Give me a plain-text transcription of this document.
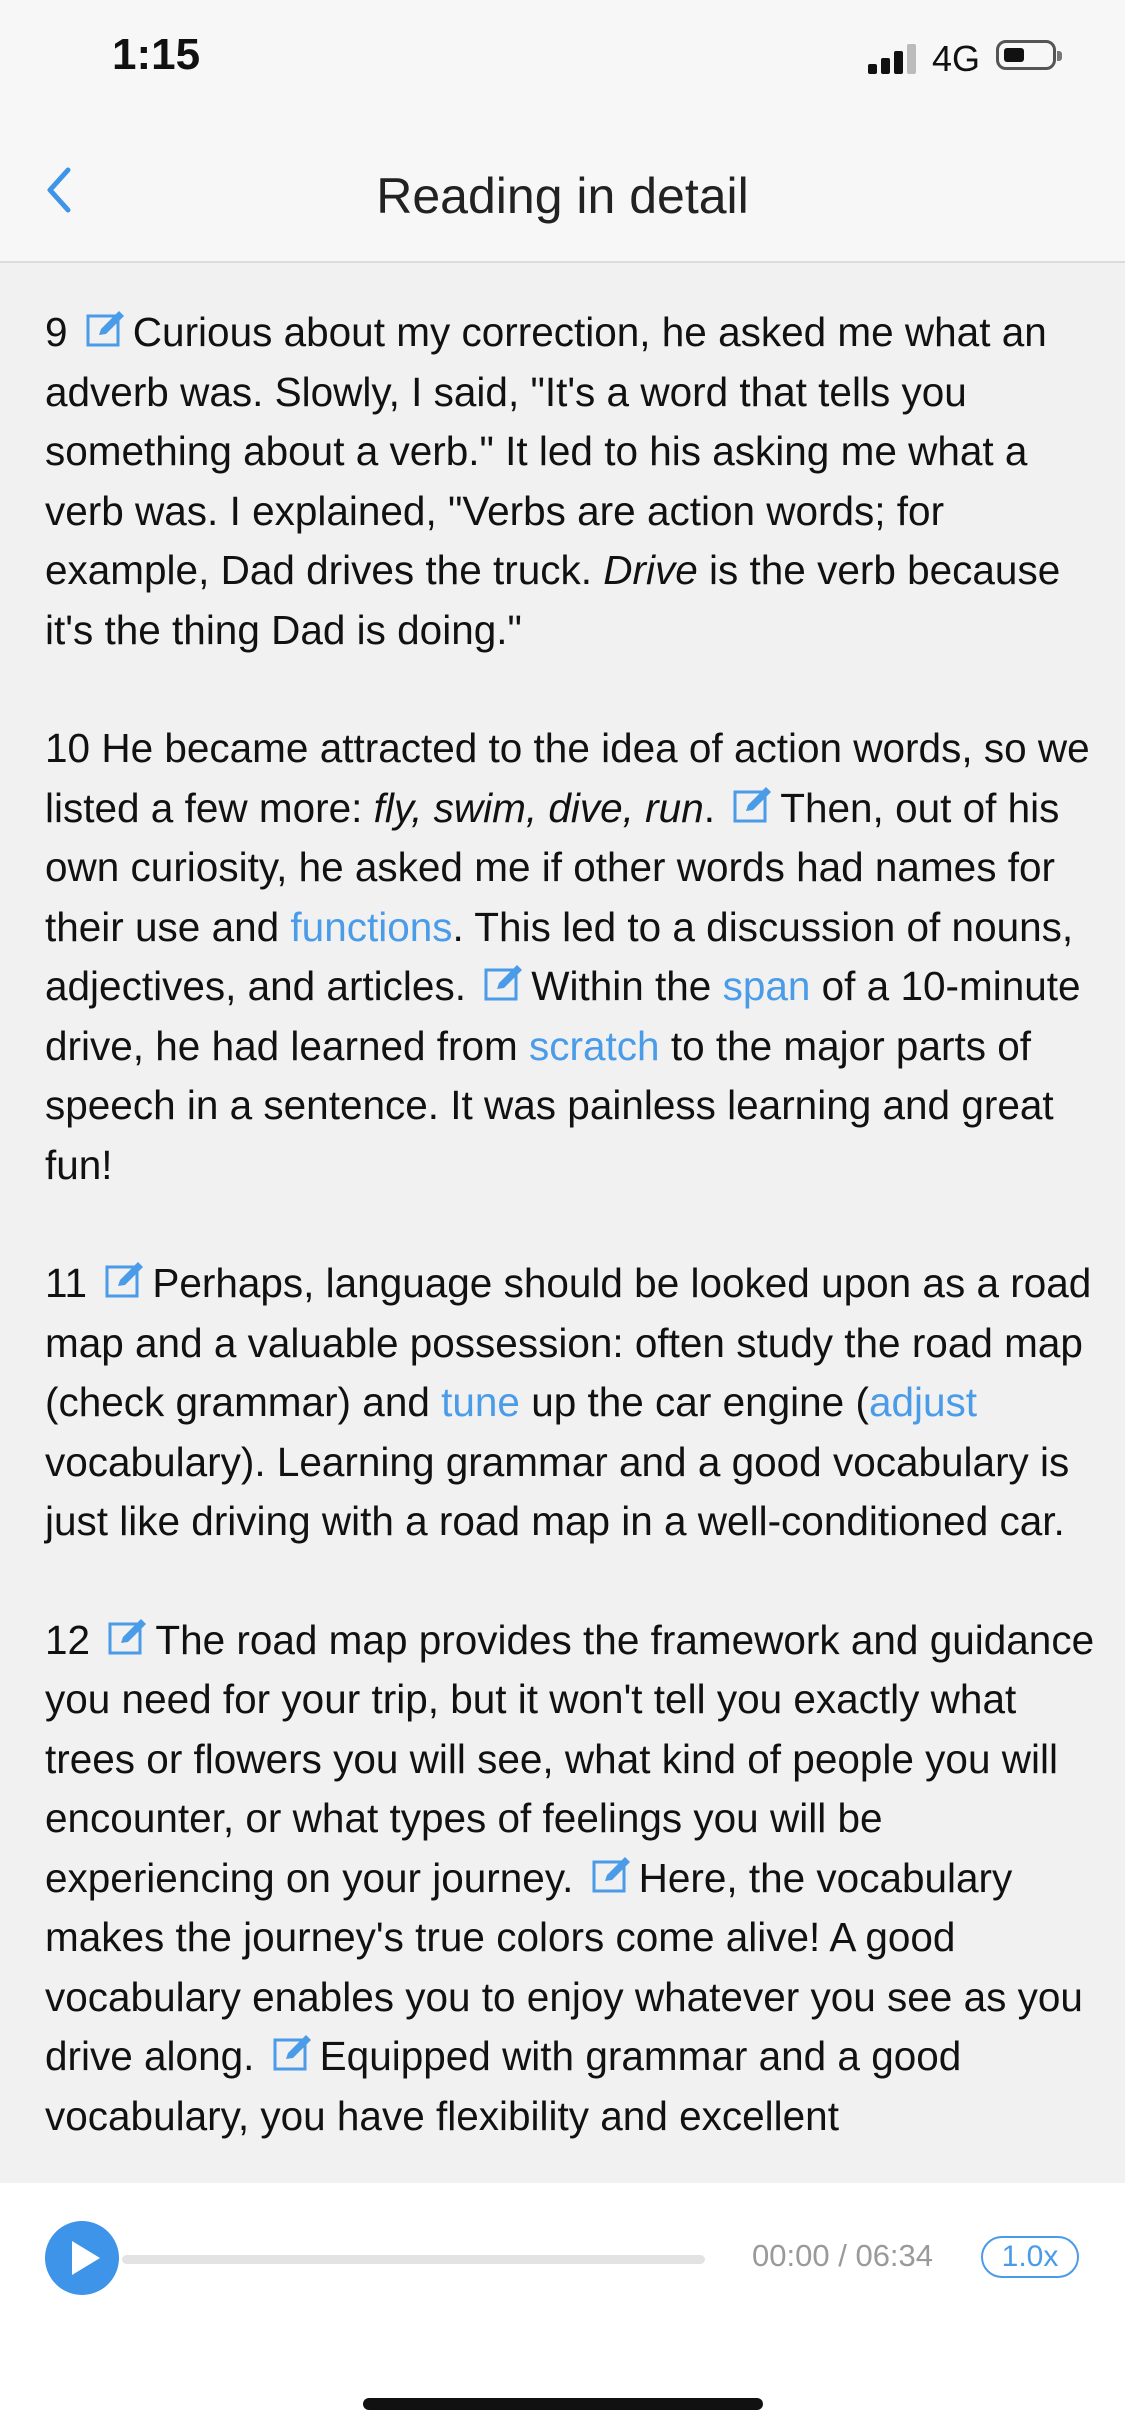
1:15	4G
Reading in detail

9 Curious about my correction, he asked me what an adverb was. Slowly, I said, "It's a word that tells you something about a verb." It led to his asking me what a verb was. I explained, "Verbs are action words; for example, Dad drives the truck. Drive is the verb because it's the thing Dad is doing."

10 He became attracted to the idea of action words, so we listed a few more: fly, swim, dive, run. Then, out of his own curiosity, he asked me if other words had names for their use and functions. This led to a discussion of nouns, adjectives, and articles. Within the span of a 10-minute drive, he had learned from scratch to the major parts of speech in a sentence. It was painless learning and great fun!

11 Perhaps, language should be looked upon as a road map and a valuable possession: often study the road map (check grammar) and tune up the car engine (adjust vocabulary). Learning grammar and a good vocabulary is just like driving with a road map in a well-conditioned car.

12 The road map provides the framework and guidance you need for your trip, but it won't tell you exactly what trees or flowers you will see, what kind of people you will encounter, or what types of feelings you will be experiencing on your journey. Here, the vocabulary makes the journey's true colors come alive! A good vocabulary enables you to enjoy whatever you see as you drive along. Equipped with grammar and a good vocabulary, you have flexibility and excellent

00:00 / 06:34	1.0x
